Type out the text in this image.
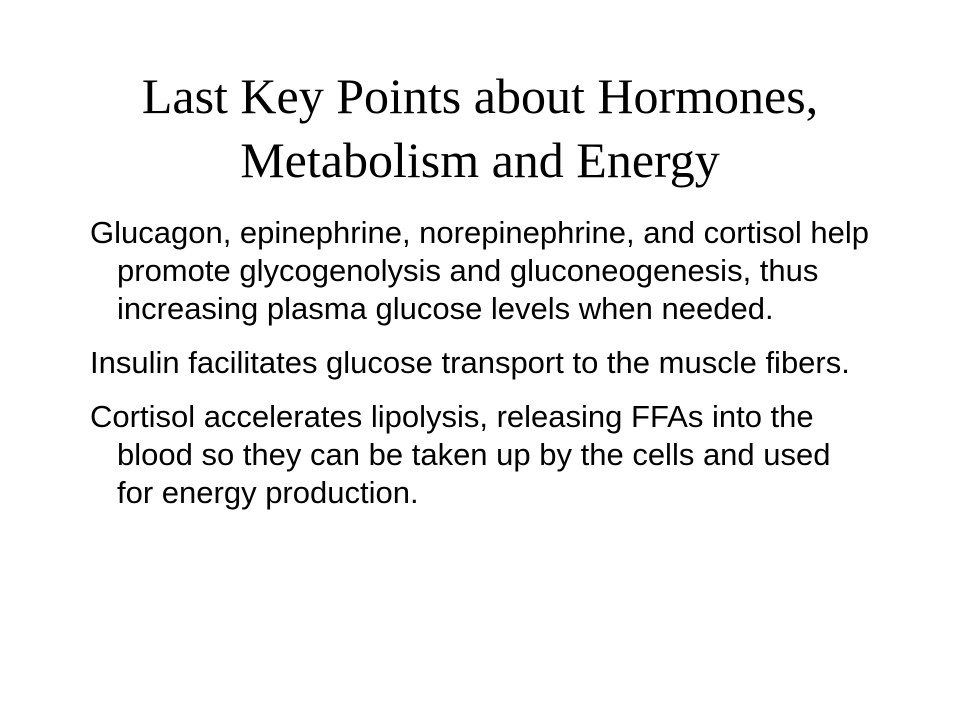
Last Key Points about Hormones,
Metabolism and Energy
Glucagon, epinephrine, norepinephrine, and cortisol help promote glycogenolysis and gluconeogenesis, thus increasing plasma glucose levels when needed.
Insulin facilitates glucose transport to the muscle fibers.
Cortisol accelerates lipolysis, releasing FFAs into the blood so they can be taken up by the cells and used for energy production.
